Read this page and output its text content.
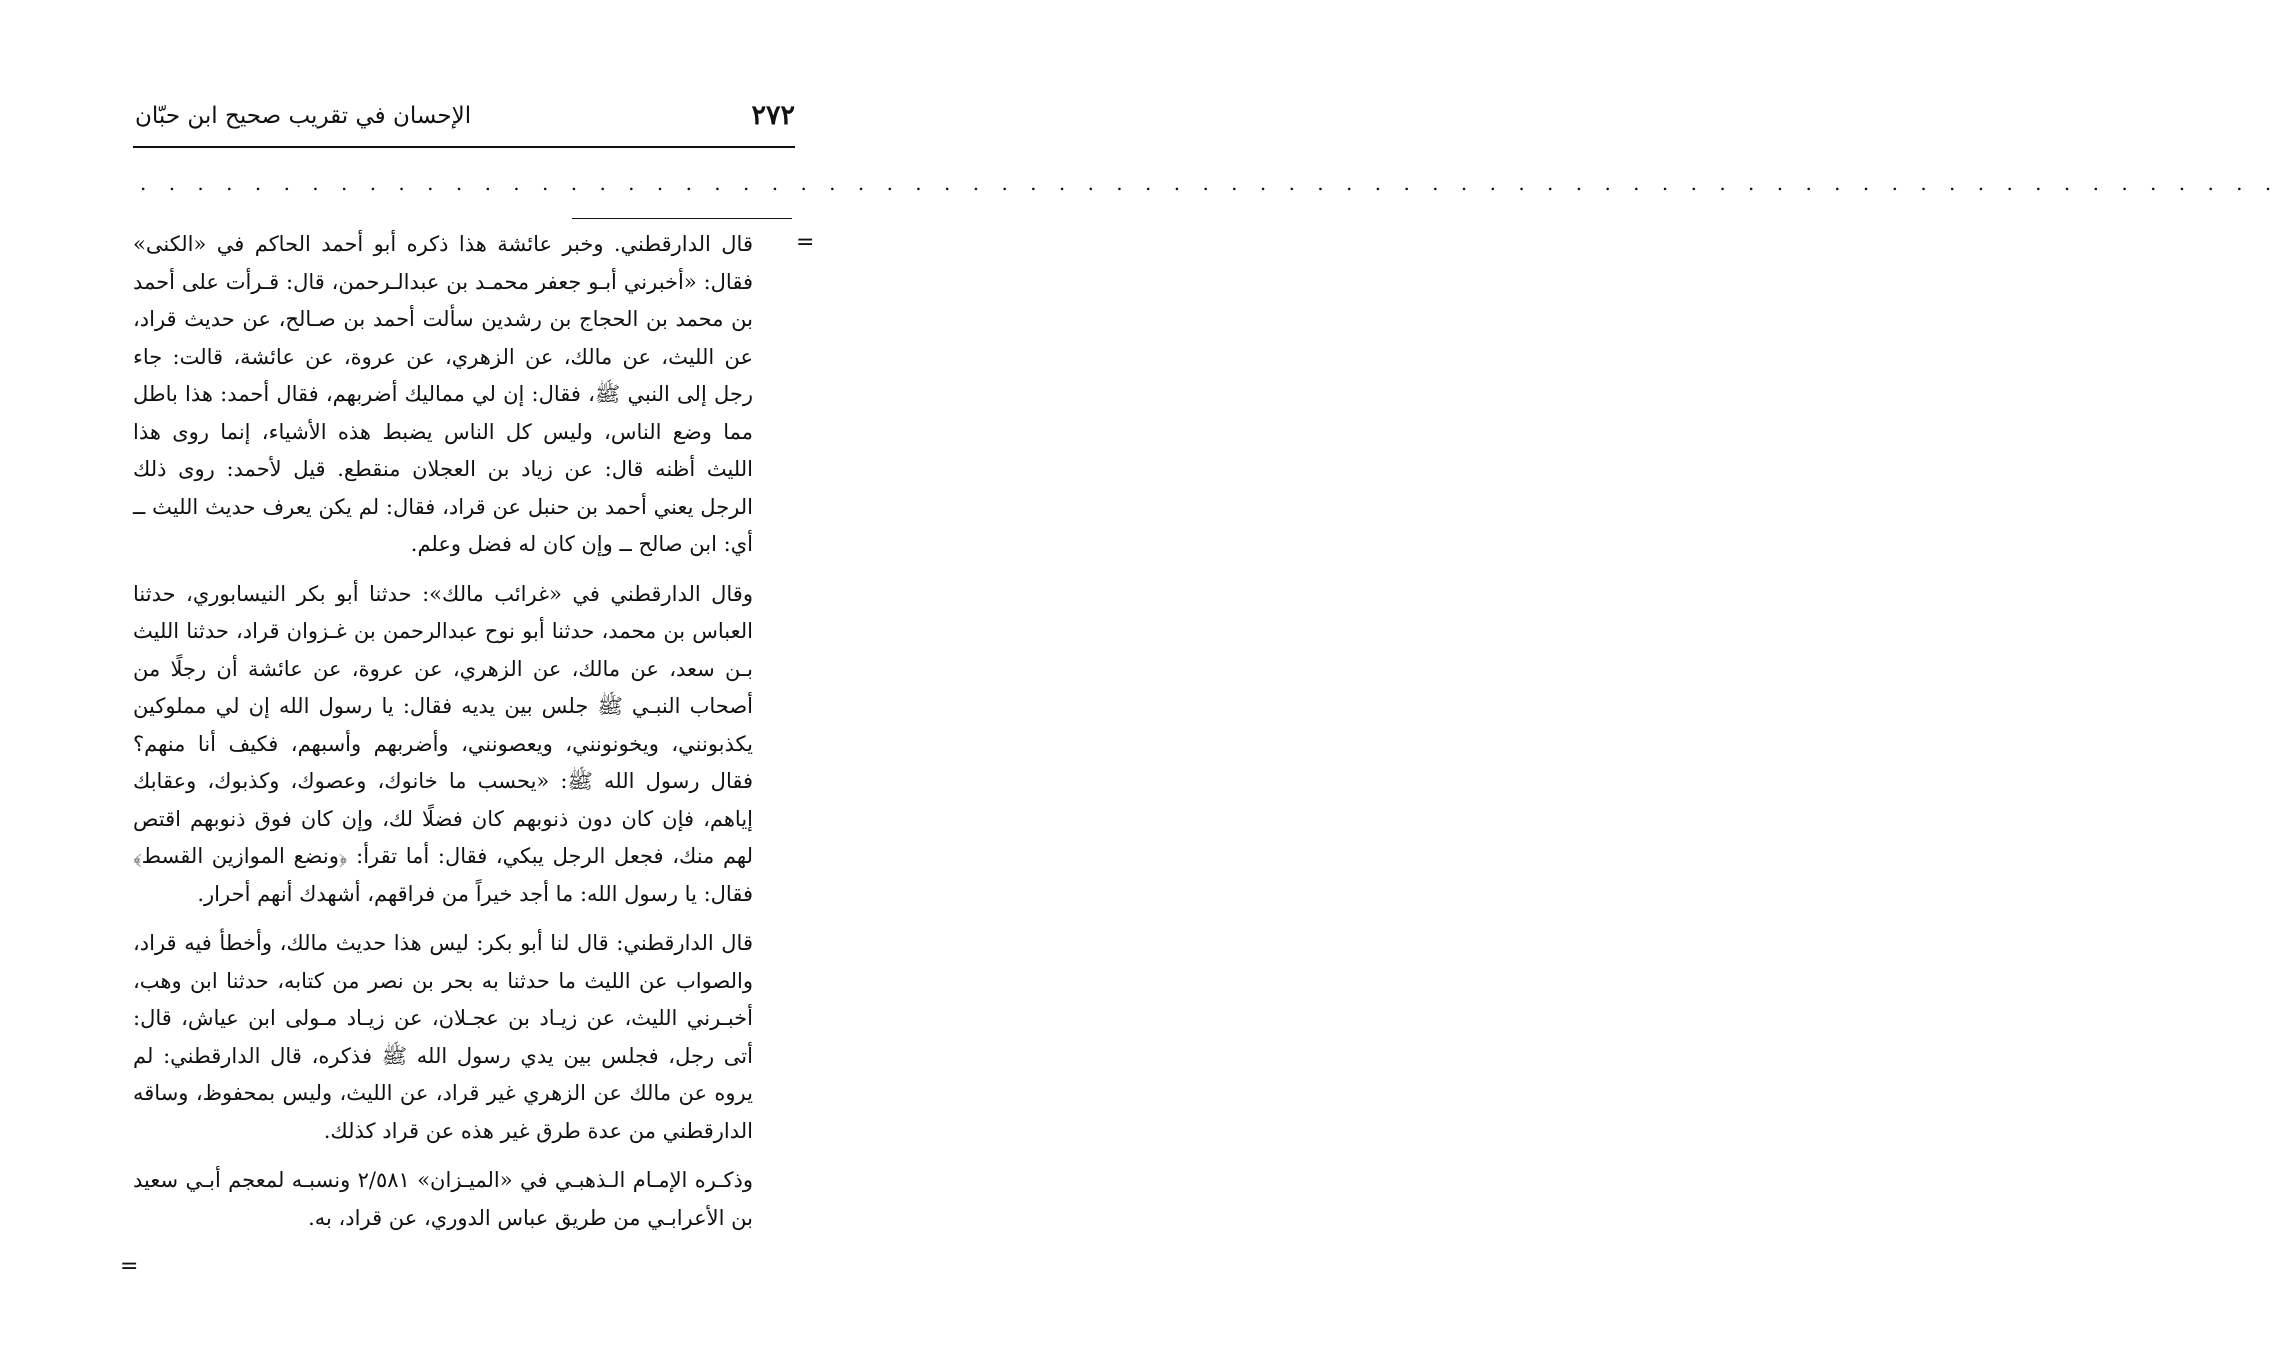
٢٧٢
الإحسان في تقريب صحيح ابن حبّان
. . . . . . . . . . . . . . . . . . . . . . . . . . . . . . . . . . . . . . . . . . . . . . . . . . . . . . . . . . . . . . . . . . . . . . . . . . .
=

قال الدارقطني. وخبر عائشة هذا ذكره أبو أحمد الحاكم في «الكنى» فقال: «أخبرني أبـو جعفر محمـد بن عبدالـرحمن، قال: قـرأت على أحمد بن محمد بن الحجاج بن رشدين سألت أحمد بن صـالح، عن حديث قراد، عن الليث، عن مالك، عن الزهري، عن عروة، عن عائشة، قالت: جاء رجل إلى النبي ﷺ، فقال: إن لي مماليك أضربهم، فقال أحمد: هذا باطل مما وضع الناس، وليس كل الناس يضبط هذه الأشياء، إنما روى هذا الليث أظنه قال: عن زياد بن العجلان منقطع. قيل لأحمد: روى ذلك الرجل يعني أحمد بن حنبل عن قراد، فقال: لم يكن يعرف حديث الليث ــ أي: ابن صالح ــ وإن كان له فضل وعلم.

وقال الدارقطني في «غرائب مالك»: حدثنا أبو بكر النيسابوري، حدثنا العباس بن محمد، حدثنا أبو نوح عبدالرحمن بن غـزوان قراد، حدثنا الليث بـن سعد، عن مالك، عن الزهري، عن عروة، عن عائشة أن رجلًا من أصحاب النبـي ﷺ جلس بين يديه فقال: يا رسول الله إن لي مملوكين يكذبونني، ويخونونني، ويعصونني، وأضربهم وأسبهم، فكيف أنا منهم؟ فقال رسول الله ﷺ: «يحسب ما خانوك، وعصوك، وكذبوك، وعقابك إياهم، فإن كان دون ذنوبهم كان فضلًا لك، وإن كان فوق ذنوبهم اقتص لهم منك، فجعل الرجل يبكي، فقال: أما تقرأ: ﴿ونضع الموازين القسط﴾ فقال: يا رسول الله: ما أجد خيراً من فراقهم، أشهدك أنهم أحرار.

قال الدارقطني: قال لنا أبو بكر: ليس هذا حديث مالك، وأخطأ فيه قراد، والصواب عن الليث ما حدثنا به بحر بن نصر من كتابه، حدثنا ابن وهب، أخبـرني الليث، عن زيـاد بن عجـلان، عن زيـاد مـولى ابن عياش، قال: أتى رجل، فجلس بين يدي رسول الله ﷺ فذكره، قال الدارقطني: لم يروه عن مالك عن الزهري غير قراد، عن الليث، وليس بمحفوظ، وساقه الدارقطني من عدة طرق غير هذه عن قراد كذلك.

وذكـره الإمـام الـذهبـي في «الميـزان» ٢/٥٨١ ونسبـه لمعجم أبـي سعيد بن الأعرابـي من طريق عباس الدوري، عن قراد، به.

=
